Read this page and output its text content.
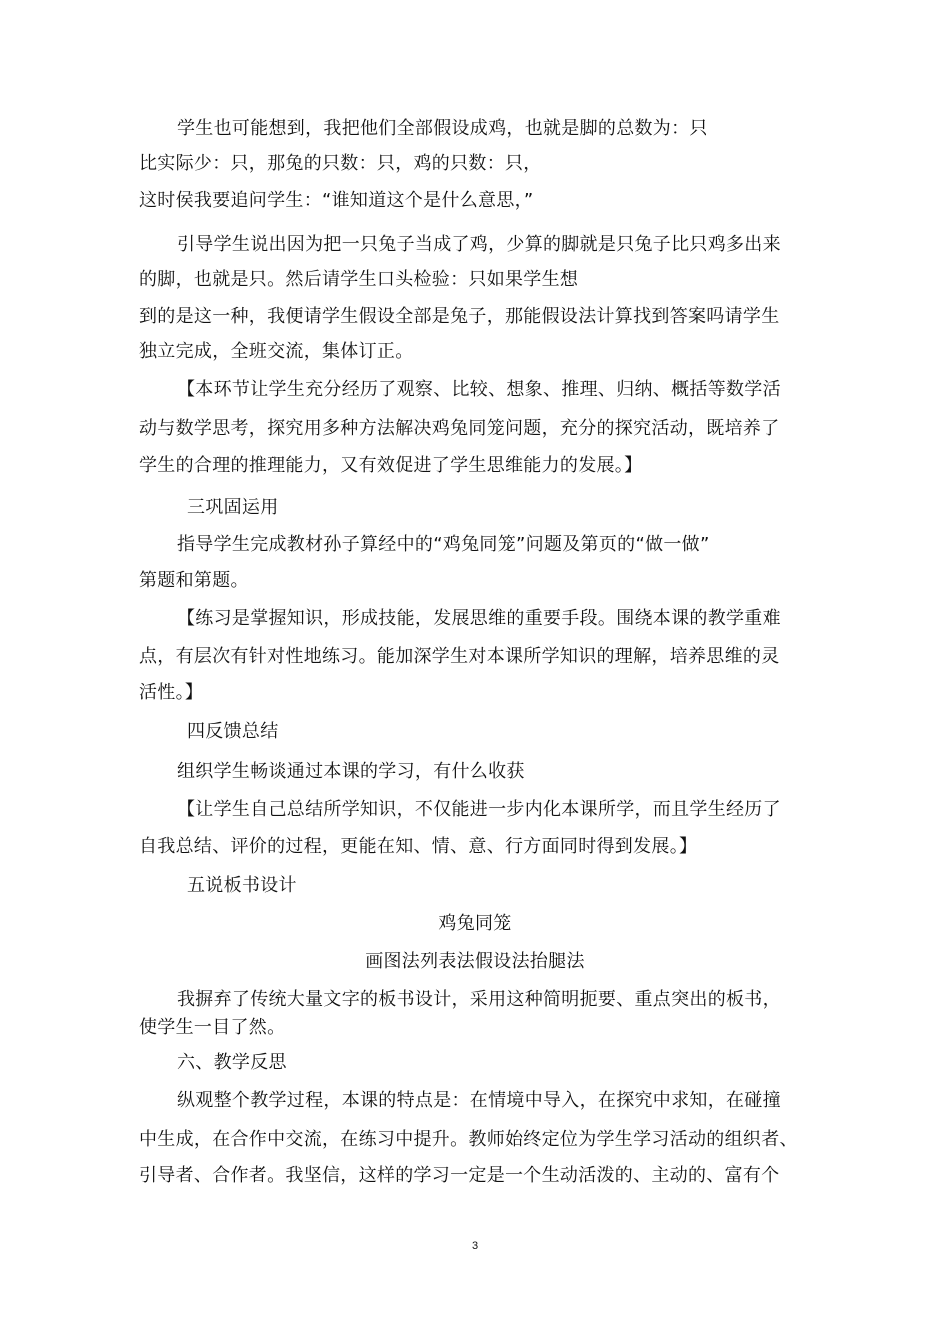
学生也可能想到，我把他们全部假设成鸡，也就是脚的总数为：只
比实际少：只，那兔的只数：只，鸡的只数：只，
这时侯我要追问学生：“谁知道这个是什么意思，”
引导学生说出因为把一只兔子当成了鸡，少算的脚就是只兔子比只鸡多出来
的脚，也就是只。然后请学生口头检验：只如果学生想
到的是这一种，我便请学生假设全部是兔子，那能假设法计算找到答案吗请学生
独立完成，全班交流，集体订正。
【本环节让学生充分经历了观察、比较、想象、推理、归纳、概括等数学活
动与数学思考，探究用多种方法解决鸡兔同笼问题，充分的探究活动，既培养了
学生的合理的推理能力，又有效促进了学生思维能力的发展。】
三巩固运用
指导学生完成教材孙子算经中的“鸡兔同笼”问题及第页的“做一做”
第题和第题。
【练习是掌握知识，形成技能，发展思维的重要手段。围绕本课的教学重难
点，有层次有针对性地练习。能加深学生对本课所学知识的理解，培养思维的灵
活性。】
四反馈总结
组织学生畅谈通过本课的学习，有什么收获
【让学生自己总结所学知识，不仅能进一步内化本课所学，而且学生经历了
自我总结、评价的过程，更能在知、情、意、行方面同时得到发展。】
五说板书设计
鸡兔同笼
画图法列表法假设法抬腿法
我摒弃了传统大量文字的板书设计，采用这种简明扼要、重点突出的板书，
使学生一目了然。
六、教学反思
纵观整个教学过程，本课的特点是：在情境中导入，在探究中求知，在碰撞
中生成，在合作中交流，在练习中提升。教师始终定位为学生学习活动的组织者、
引导者、合作者。我坚信，这样的学习一定是一个生动活泼的、主动的、富有个
3
